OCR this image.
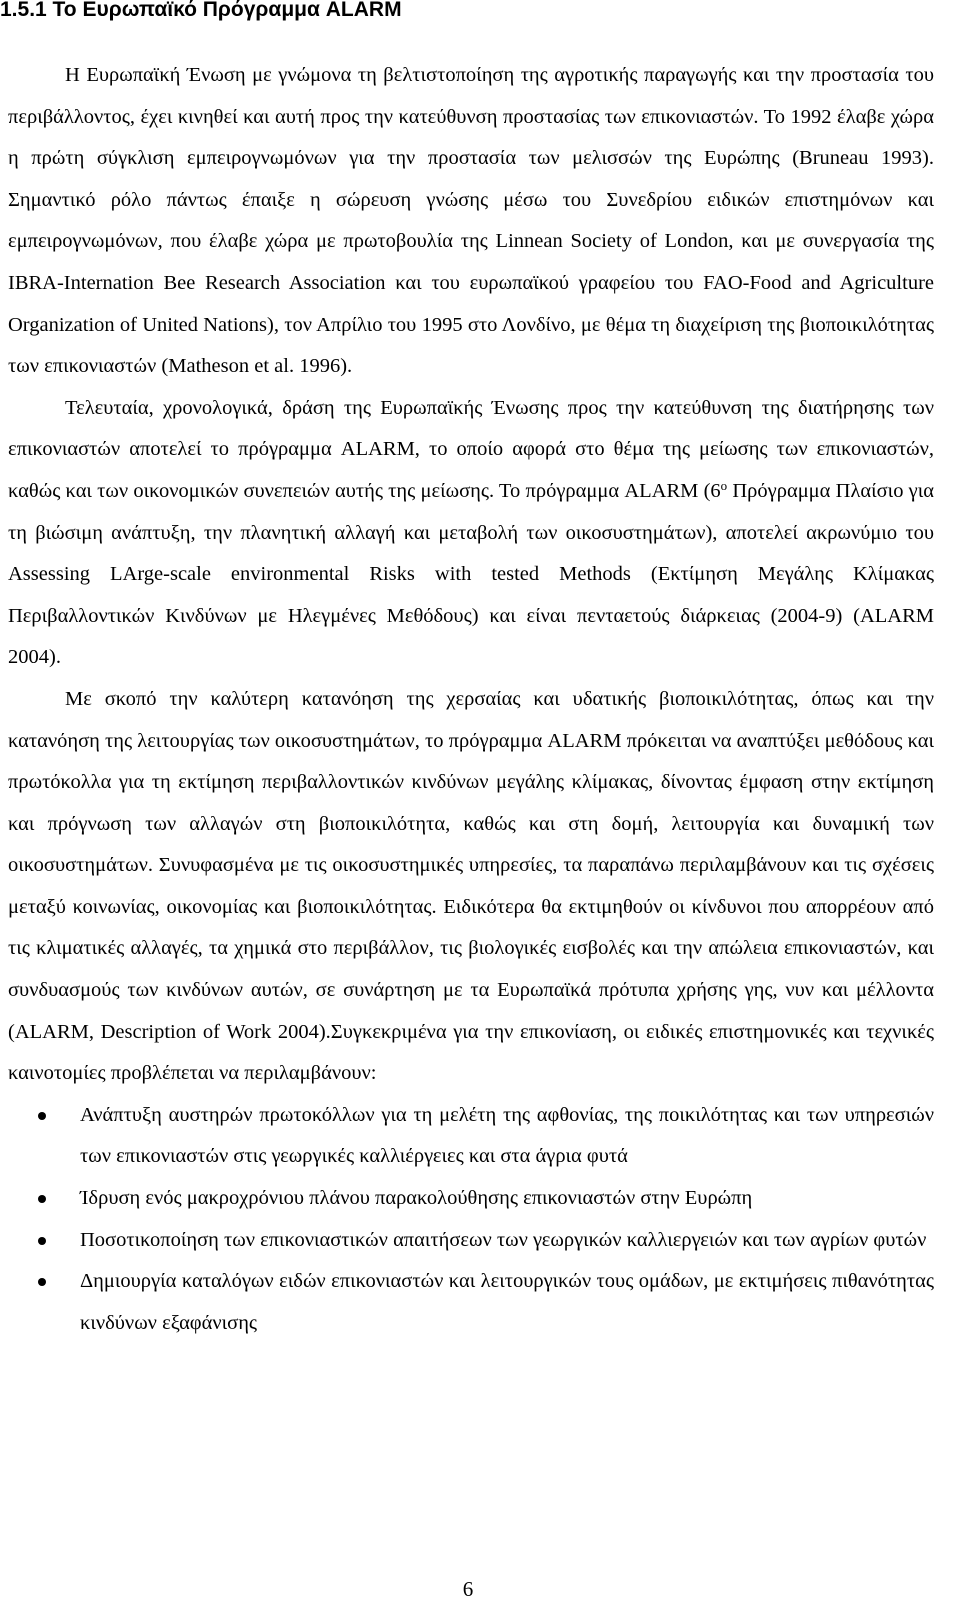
1.5.1 Το Ευρωπαϊκό Πρόγραμμα ALARM

Η Ευρωπαϊκή Ένωση με γνώμονα τη βελτιστοποίηση της αγροτικής παραγωγής και την προστασία του περιβάλλοντος, έχει κινηθεί και αυτή προς την κατεύθυνση προστασίας των επικονιαστών. Το 1992 έλαβε χώρα η πρώτη σύγκλιση εμπειρογνωμόνων για την προστασία των μελισσών της Ευρώπης (Bruneau 1993). Σημαντικό ρόλο πάντως έπαιξε η σώρευση γνώσης μέσω του Συνεδρίου ειδικών επιστημόνων και εμπειρογνωμόνων, που έλαβε χώρα με πρωτοβουλία της Linnean Society of London, και με συνεργασία της IBRA-Internation Bee Research Association και του ευρωπαϊκού γραφείου του FAO-Food and Agriculture Organization of United Nations), τον Απρίλιο του 1995 στο Λονδίνο, με θέμα τη διαχείριση της βιοποικιλότητας των επικονιαστών (Matheson et al. 1996).

Τελευταία, χρονολογικά, δράση της Ευρωπαϊκής Ένωσης προς την κατεύθυνση της διατήρησης των επικονιαστών αποτελεί το πρόγραμμα ALARM, το οποίο αφορά στο θέμα της μείωσης των επικονιαστών, καθώς και των οικονομικών συνεπειών αυτής της μείωσης. Το πρόγραμμα ALARM ($6^o$ Πρόγραμμα Πλαίσιο για τη βιώσιμη ανάπτυξη, την πλανητική αλλαγή και μεταβολή των οικοσυστημάτων), αποτελεί ακρωνύμιο του Assessing LArge-scale environmental Risks with tested Methods (Εκτίμηση Μεγάλης Κλίμακας Περιβαλλοντικών Κινδύνων με Ηλεγμένες Μεθόδους) και είναι πενταετούς διάρκειας (2004-9) (ALARM 2004).

Με σκοπό την καλύτερη κατανόηση της χερσαίας και υδατικής βιοποικιλότητας, όπως και την κατανόηση της λειτουργίας των οικοσυστημάτων, το πρόγραμμα ALARM πρόκειται να αναπτύξει μεθόδους και πρωτόκολλα για τη εκτίμηση περιβαλλοντικών κινδύνων μεγάλης κλίμακας, δίνοντας έμφαση στην εκτίμηση και πρόγνωση των αλλαγών στη βιοποικιλότητα, καθώς και στη δομή, λειτουργία και δυναμική των οικοσυστημάτων. Συνυφασμένα με τις οικοσυστημικές υπηρεσίες, τα παραπάνω περιλαμβάνουν και τις σχέσεις μεταξύ κοινωνίας, οικονομίας και βιοποικιλότητας. Ειδικότερα θα εκτιμηθούν οι κίνδυνοι που απορρέουν από τις κλιματικές αλλαγές, τα χημικά στο περιβάλλον, τις βιολογικές εισβολές και την απώλεια επικονιαστών, και συνδυασμούς των κινδύνων αυτών, σε συνάρτηση με τα Ευρωπαϊκά πρότυπα χρήσης γης, νυν και μέλλοντα (ALARM, Description of Work 2004).Συγκεκριμένα για την επικονίαση, οι ειδικές επιστημονικές και τεχνικές καινοτομίες προβλέπεται να περιλαμβάνουν:

Ανάπτυξη αυστηρών πρωτοκόλλων για τη μελέτη της αφθονίας, της ποικιλότητας και των υπηρεσιών των επικονιαστών στις γεωργικές καλλιέργειες και στα άγρια φυτά
Ίδρυση ενός μακροχρόνιου πλάνου παρακολούθησης επικονιαστών στην Ευρώπη
Ποσοτικοποίηση των επικονιαστικών απαιτήσεων των γεωργικών καλλιεργειών και των αγρίων φυτών
Δημιουργία καταλόγων ειδών επικονιαστών και λειτουργικών τους ομάδων, με εκτιμήσεις πιθανότητας κινδύνων εξαφάνισης
6
